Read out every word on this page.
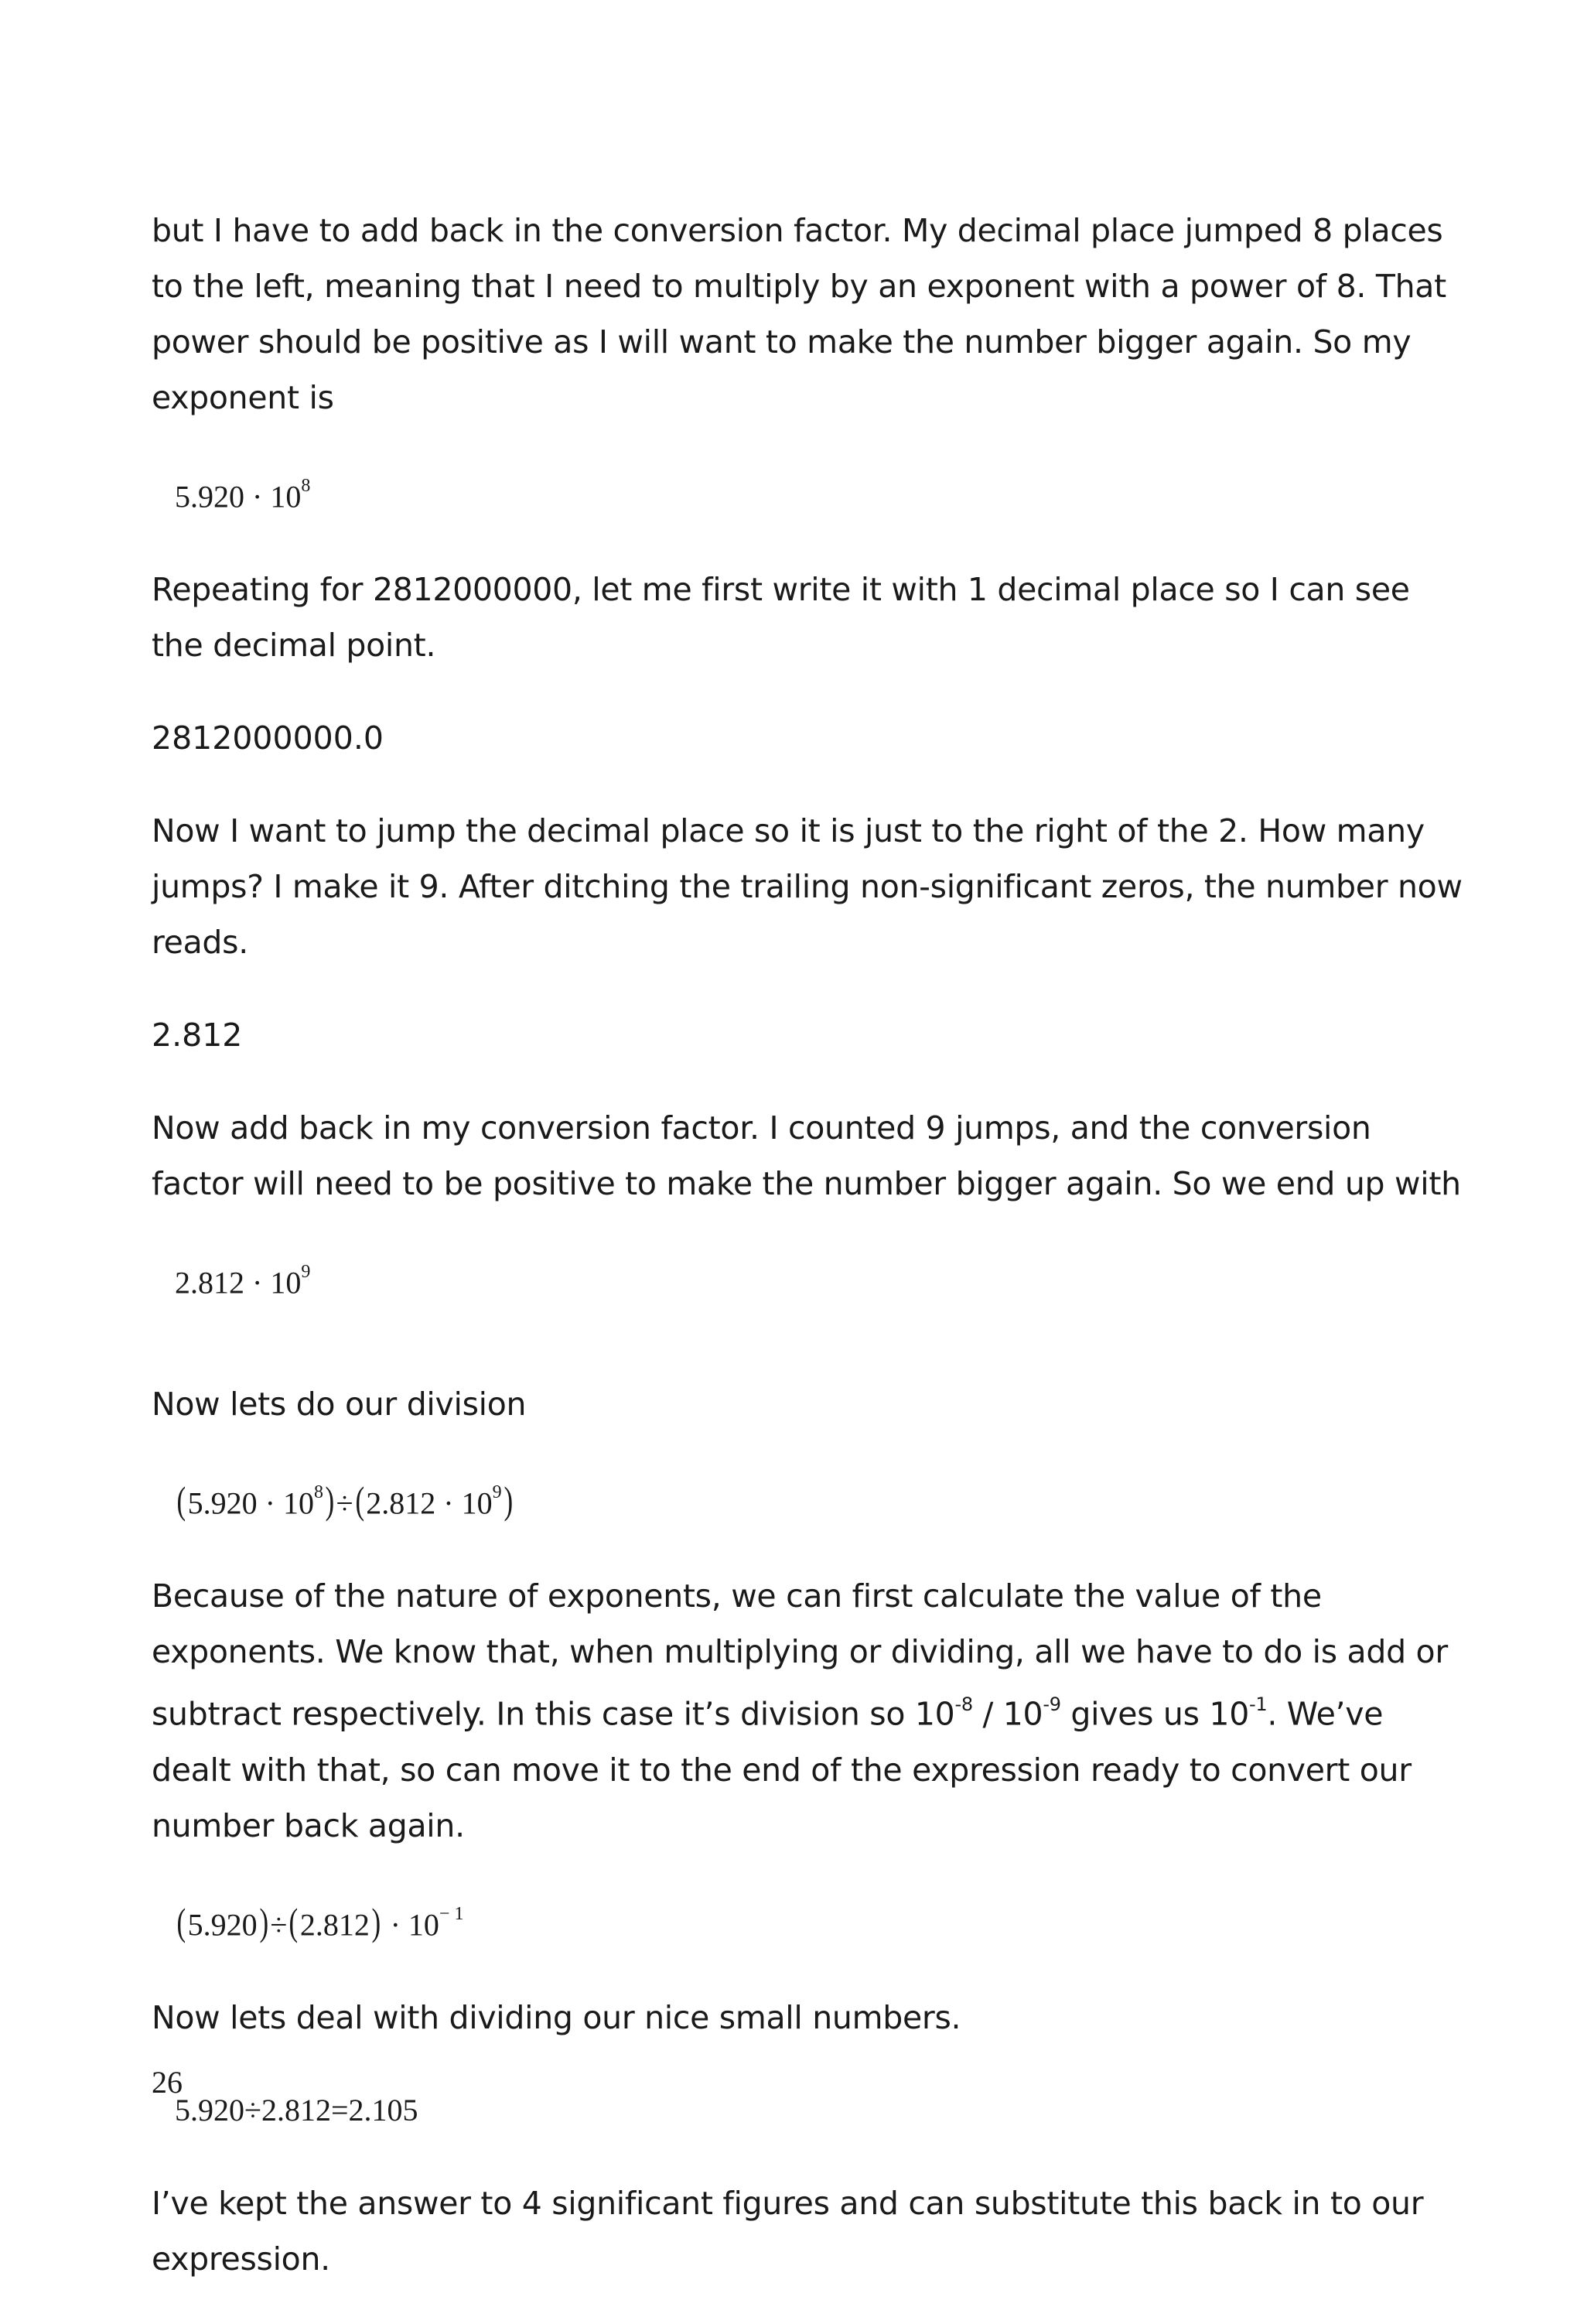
but I have to add back in the conversion factor. My decimal place jumped 8 places to the left, meaning that I need to multiply by an exponent with a power of 8. That power should be positive as I will want to make the number bigger again. So my exponent is

$5.920 \cdot 10^8$

Repeating for 2812000000, let me first write it with 1 decimal place so I can see the decimal point.

2812000000.0

Now I want to jump the decimal place so it is just to the right of the 2. How many jumps? I make it 9. After ditching the trailing non-significant zeros, the number now reads.

2.812

Now add back in my conversion factor. I counted 9 jumps, and the conversion factor will need to be positive to make the number bigger again. So we end up with

$2.812 \cdot 10^9$

Now lets do our division

$(5.920 \cdot 10^8)\div(2.812 \cdot 10^9)$

Because of the nature of exponents, we can first calculate the value of the exponents. We know that, when multiplying or dividing, all we have to do is add or subtract respectively. In this case it’s division so $10^{-8} / 10^{-9}$ gives us $10^{-1}$. We’ve dealt with that, so can move it to the end of the expression ready to convert our number back again.

$(5.920)\div(2.812) \cdot 10^{- 1}$

Now lets deal with dividing our nice small numbers.

5.920÷2.812=2.105

I’ve kept the answer to 4 significant figures and can substitute this back in to our expression.

26
